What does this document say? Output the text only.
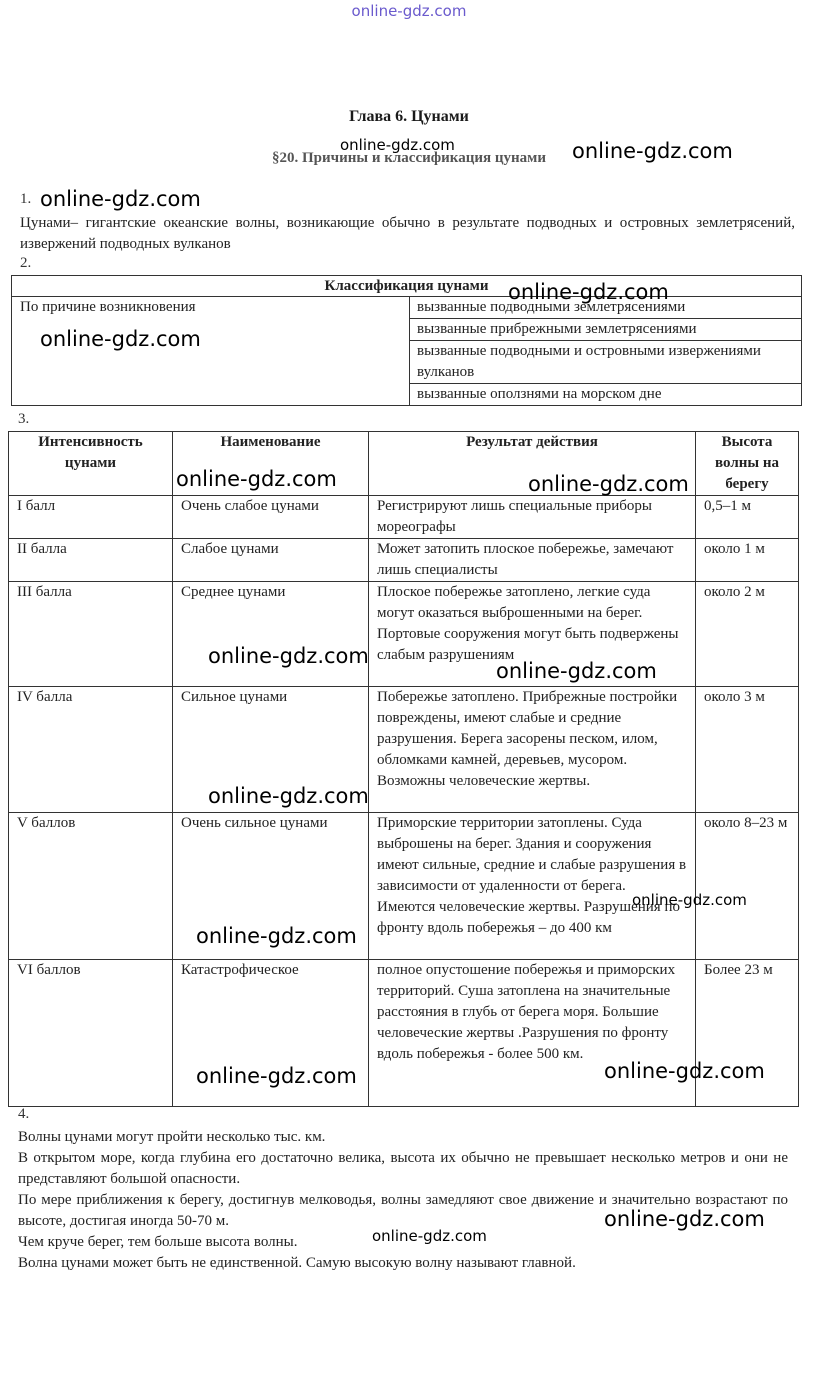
online-gdz.com
Глава 6. Цунами
§20. Причины и классификация цунами
1.
Цунами– гигантские океанские волны, возникающие обычно в результате подводных и островных землетрясений, извержений подводных вулканов
2.
Классификация цунами
По причине возникновения	вызванные подводными землетрясениями
вызванные прибрежными землетрясениями
вызванные подводными и островными извержениями вулканов
вызванные оползнями на морском дне
3.
Интенсивность цунами	Наименование	Результат действия	Высота волны на берегу
I балл	Очень слабое цунами	Регистрируют лишь специальные приборы мореографы	0,5–1 м
II балла	Слабое цунами	Может затопить плоское побережье, замечают лишь специалисты	около 1 м
III балла	Среднее цунами	Плоское побережье затоплено, легкие суда могут оказаться выброшенными на берег. Портовые сооружения могут быть подвержены слабым разрушениям	около 2 м
IV балла	Сильное цунами	Побережье затоплено. Прибрежные постройки повреждены, имеют слабые и средние разрушения. Берега засорены песком, илом, обломками камней, деревьев, мусором. Возможны человеческие жертвы.	около 3 м
V баллов	Очень сильное цунами	Приморские территории затоплены. Суда выброшены на берег. Здания и сооружения имеют сильные, средние и слабые разрушения в зависимости от удаленности от берега. Имеются человеческие жертвы. Разрушения по фронту вдоль побережья – до 400 км	около 8–23 м
VI баллов	Катастрофическое	полное опустошение побережья и приморских территорий. Суша затоплена на значительные расстояния в глубь от берега моря. Большие человеческие жертвы .Разрушения по фронту вдоль побережья - более 500 км.	Более 23 м
4.
Волны цунами могут пройти несколько тыс. км.
В открытом море, когда глубина его достаточно велика, высота их обычно не превышает несколько метров и они не представляют большой опасности.
По мере приближения к берегу, достигнув мелководья, волны замедляют свое движение и значительно возрастают по высоте, достигая иногда 50-70 м.
Чем круче берег, тем больше высота волны.
Волна цунами может быть не единственной. Самую высокую волну называют главной.
online-gdz.com	online-gdz.com
online-gdz.com
online-gdz.com
online-gdz.com
online-gdz.com	online-gdz.com
online-gdz.com
online-gdz.com
online-gdz.com
online-gdz.com
online-gdz.com
online-gdz.com	online-gdz.com
online-gdz.com
online-gdz.com
